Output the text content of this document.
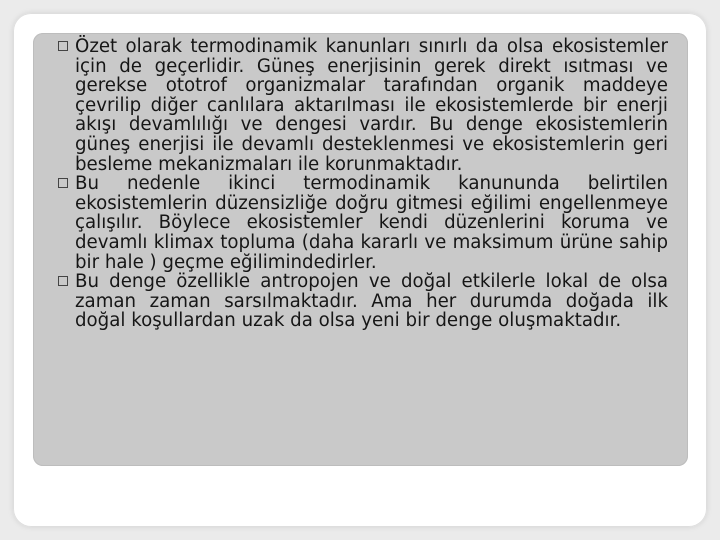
Özet olarak termodinamik kanunları sınırlı da olsa ekosistemler için de geçerlidir. Güneş enerjisinin gerek direkt ısıtması ve gerekse ototrof organizmalar tarafından organik maddeye çevrilip diğer canlılara aktarılması ile ekosistemlerde bir enerji akışı devamlılığı ve dengesi vardır. Bu denge ekosistemlerin güneş enerjisi ile devamlı desteklenmesi ve ekosistemlerin geri besleme mekanizmaları ile korunmaktadır.
Bu nedenle ikinci termodinamik kanununda belirtilen ekosistemlerin düzensizliğe doğru gitmesi eğilimi engellenmeye çalışılır. Böylece ekosistemler kendi düzenlerini koruma ve devamlı klimax topluma (daha kararlı ve maksimum ürüne sahip bir hale ) geçme eğilimindedirler.
Bu denge özellikle antropojen ve doğal etkilerle lokal de olsa zaman zaman sarsılmaktadır. Ama her durumda doğada ilk doğal koşullardan uzak da olsa yeni bir denge oluşmaktadır.
